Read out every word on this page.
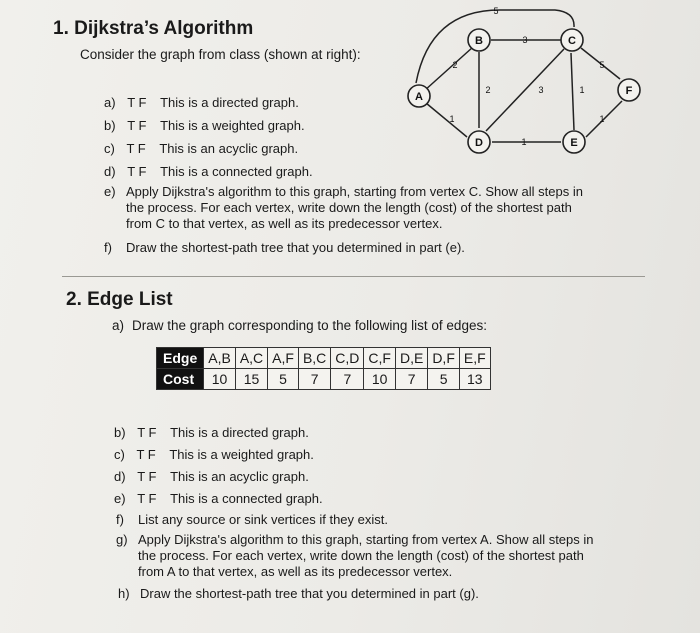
1. Dijkstra’s Algorithm
Consider the graph from class (shown at right):
a) T F This is a directed graph.
b) T F This is a weighted graph.
c) T F This is an acyclic graph.
d) T F This is a connected graph.
e) Apply Dijkstra's algorithm to this graph, starting from vertex C. Show all steps in
the process. For each vertex, write down the length (cost) of the shortest path
from C to that vertex, as well as its predecessor vertex.
f) Draw the shortest-path tree that you determined in part (e).
A
B	C
D	E
F
5
3
2
2	3	1
5
1
1
1
2. Edge List
a) Draw the graph corresponding to the following list of edges:
Edge	A,B	A,C	A,F	B,C	C,D	C,F	D,E	D,F	E,F
Cost	10	15	5	7	7	10	7	5	13
b) T F This is a directed graph.
c) T F This is a weighted graph.
d) T F This is an acyclic graph.
e) T F This is a connected graph.
f) List any source or sink vertices if they exist.
g) Apply Dijkstra's algorithm to this graph, starting from vertex A. Show all steps in
the process. For each vertex, write down the length (cost) of the shortest path
from A to that vertex, as well as its predecessor vertex.
h) Draw the shortest-path tree that you determined in part (g).
